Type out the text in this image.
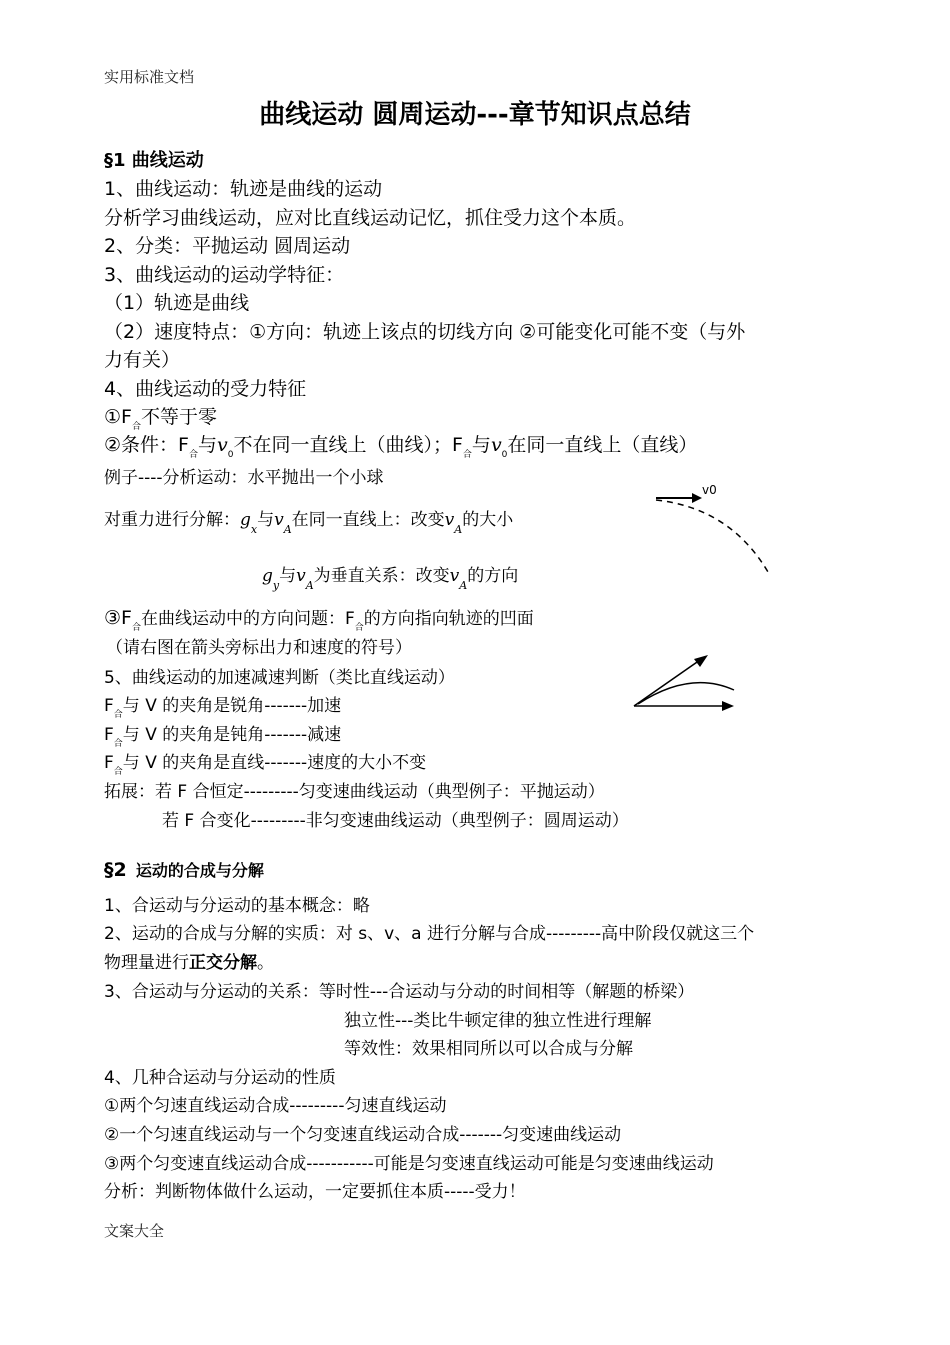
实用标准文档
曲线运动 圆周运动---章节知识点总结
§1 曲线运动
1、曲线运动：轨迹是曲线的运动
分析学习曲线运动，应对比直线运动记忆，抓住受力这个本质。
2、分类：平抛运动 圆周运动
3、曲线运动的运动学特征：
（1）轨迹是曲线
（2）速度特点：①方向：轨迹上该点的切线方向 ②可能变化可能不变（与外
力有关）
4、曲线运动的受力特征
$①F_合$不等于零
②条件：$F_合$与$v_0$不在同一直线上（曲线）；$F_合$与$v_0$在同一直线上（直线）
例子----分析运动：水平抛出一个小球
对重力进行分解：$g_x$与$v_A$在同一直线上：改变$v_A$的大小
$g_y$与$v_A$为垂直关系：改变$v_A$的方向
v0
$③F_合$在曲线运动中的方向问题：$F_合$的方向指向轨迹的凹面
（请右图在箭头旁标出力和速度的符号）
5、曲线运动的加速减速判断（类比直线运动）
$F_合$与 V 的夹角是锐角-------加速
$F_合$与 V 的夹角是钝角-------减速
$F_合$与 V 的夹角是直线-------速度的大小不变
拓展：若 F 合恒定---------匀变速曲线运动（典型例子：平抛运动）
若 F 合变化---------非匀变速曲线运动（典型例子：圆周运动）
§2 运动的合成与分解
1、合运动与分运动的基本概念：略
2、运动的合成与分解的实质：对 s、v、a 进行分解与合成---------高中阶段仅就这三个
物理量进行正交分解。
3、合运动与分运动的关系：等时性---合运动与分动的时间相等（解题的桥梁）
独立性---类比牛顿定律的独立性进行理解
等效性：效果相同所以可以合成与分解
4、几种合运动与分运动的性质
①两个匀速直线运动合成---------匀速直线运动
②一个匀速直线运动与一个匀变速直线运动合成-------匀变速曲线运动
③两个匀变速直线运动合成-----------可能是匀变速直线运动可能是匀变速曲线运动
分析：判断物体做什么运动，一定要抓住本质-----受力！
文案大全
